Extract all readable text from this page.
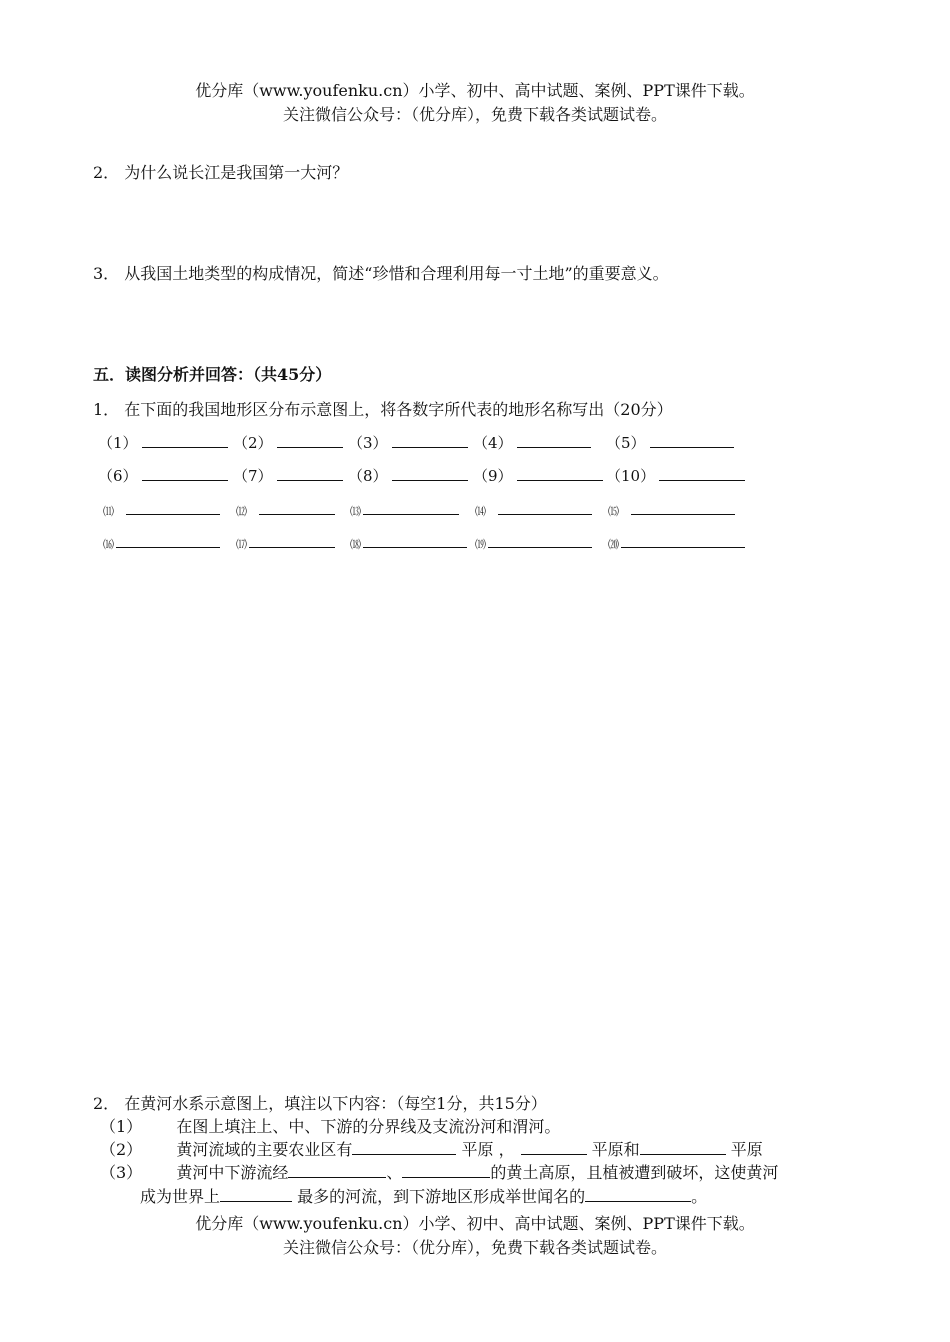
优分库（www.youfenku.cn）小学、初中、高中试题、案例、PPT课件下载。
关注微信公众号：（优分库），免费下载各类试题试卷。
2． 为什么说长江是我国第一大河？
3． 从我国土地类型的构成情况，简述“珍惜和合理利用每一寸土地”的重要意义。
五．读图分析并回答：（共45分）
1． 在下面的我国地形区分布示意图上，将各数字所代表的地形名称写出（20分）
（1）	（2）	（3）	（4）	（5）
（6）	（7）	（8）	（9）	（10）
⑾	⑿	⒀	⒁	⒂
⒃	⒄	⒅	⒆	⒇
2． 在黄河水系示意图上，填注以下内容：（每空1分，共15分）
（1） 在图上填注上、中、下游的分界线及支流汾河和渭河。
（2） 黄河流域的主要农业区有	平原 ，	平原和	平原
（3） 黄河中下游流经	、	的黄土高原，且植被遭到破坏，这使黄河
成为世界上	最多的河流，到下游地区形成举世闻名的	。
优分库（www.youfenku.cn）小学、初中、高中试题、案例、PPT课件下载。
关注微信公众号：（优分库），免费下载各类试题试卷。
